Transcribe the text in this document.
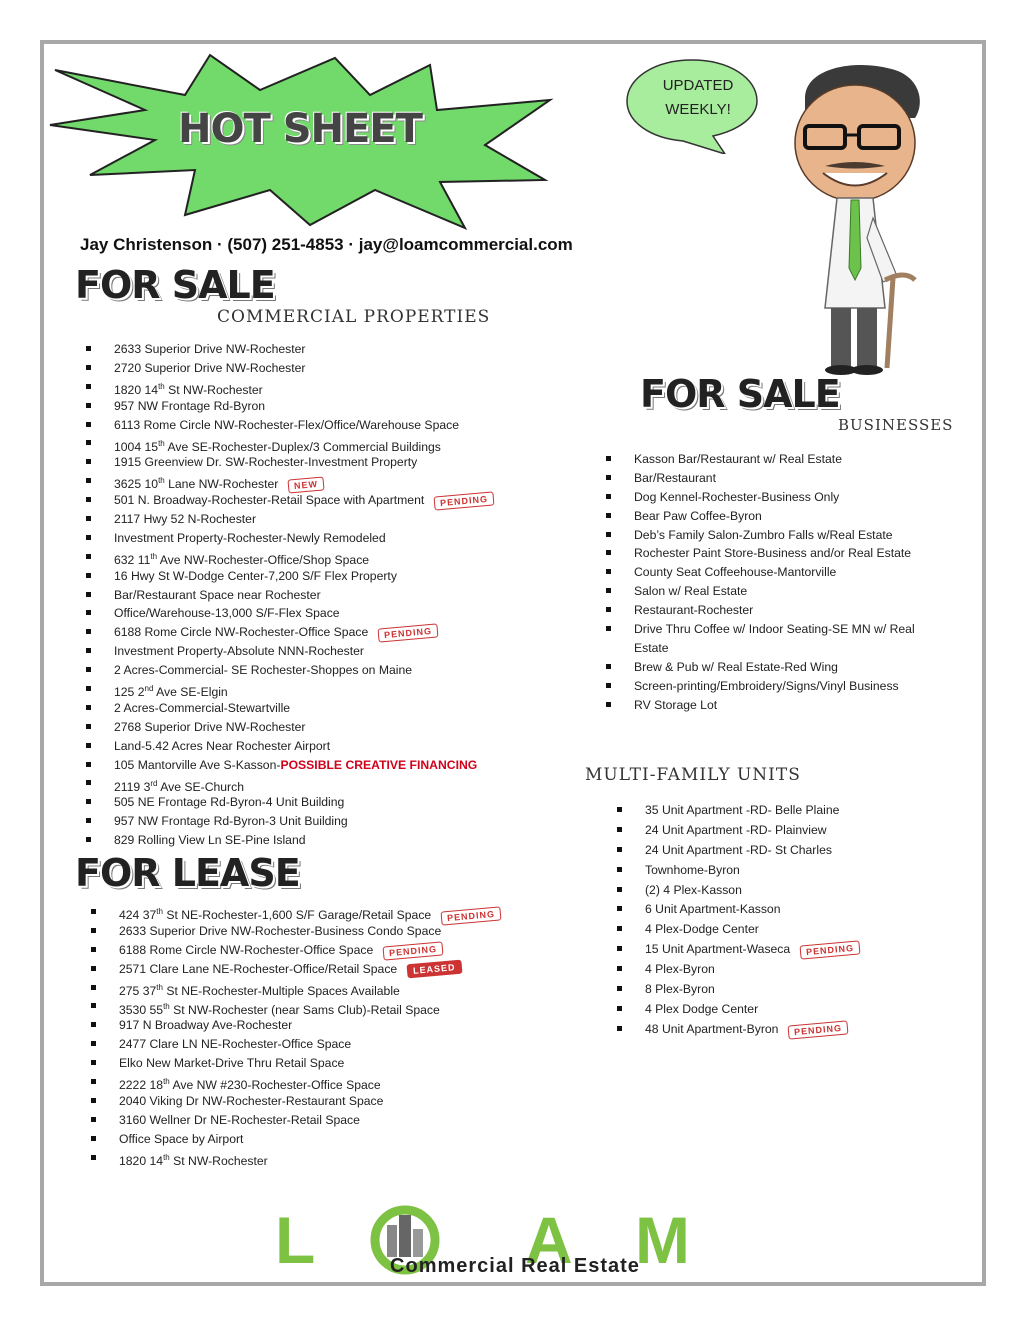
HOT SHEET
UPDATED
WEEKLY!
Jay Christenson · (507) 251-4853 · jay@loamcommercial.com
FOR SALE
COMMERCIAL PROPERTIES
2633 Superior Drive NW-Rochester
2720 Superior Drive NW-Rochester
1820 14th St NW-Rochester
957 NW Frontage Rd-Byron
6113 Rome Circle NW-Rochester-Flex/Office/Warehouse Space
1004 15th Ave SE-Rochester-Duplex/3 Commercial Buildings
1915 Greenview Dr. SW-Rochester-Investment Property
3625 10th Lane NW-Rochester NEW
501 N. Broadway-Rochester-Retail Space with Apartment PENDING
2117 Hwy 52 N-Rochester
Investment Property-Rochester-Newly Remodeled
632 11th Ave NW-Rochester-Office/Shop Space
16 Hwy St W-Dodge Center-7,200 S/F Flex Property
Bar/Restaurant Space near Rochester
Office/Warehouse-13,000 S/F-Flex Space
6188 Rome Circle NW-Rochester-Office Space PENDING
Investment Property-Absolute NNN-Rochester
2 Acres-Commercial- SE Rochester-Shoppes on Maine
125 2nd Ave SE-Elgin
2 Acres-Commercial-Stewartville
2768 Superior Drive NW-Rochester
Land-5.42 Acres Near Rochester Airport
105 Mantorville Ave S-Kasson-POSSIBLE CREATIVE FINANCING
2119 3rd Ave SE-Church
505 NE Frontage Rd-Byron-4 Unit Building
957 NW Frontage Rd-Byron-3 Unit Building
829 Rolling View Ln SE-Pine Island
FOR LEASE
424 37th St NE-Rochester-1,600 S/F Garage/Retail Space PENDING
2633 Superior Drive NW-Rochester-Business Condo Space
6188 Rome Circle NW-Rochester-Office Space PENDING
2571 Clare Lane NE-Rochester-Office/Retail Space LEASED
275 37th St NE-Rochester-Multiple Spaces Available
3530 55th St NW-Rochester (near Sams Club)-Retail Space
917 N Broadway Ave-Rochester
2477 Clare LN NE-Rochester-Office Space
Elko New Market-Drive Thru Retail Space
2222 18th Ave NW #230-Rochester-Office Space
2040 Viking Dr NW-Rochester-Restaurant Space
3160 Wellner Dr NE-Rochester-Retail Space
Office Space by Airport
1820 14th St NW-Rochester
FOR SALE
BUSINESSES
Kasson Bar/Restaurant w/ Real Estate
Bar/Restaurant
Dog Kennel-Rochester-Business Only
Bear Paw Coffee-Byron
Deb’s Family Salon-Zumbro Falls w/Real Estate
Rochester Paint Store-Business and/or Real Estate
County Seat Coffeehouse-Mantorville
Salon w/ Real Estate
Restaurant-Rochester
Drive Thru Coffee w/ Indoor Seating-SE MN w/ Real
Estate
Brew & Pub w/ Real Estate-Red Wing
Screen-printing/Embroidery/Signs/Vinyl Business
RV Storage Lot
MULTI-FAMILY UNITS
35 Unit Apartment -RD- Belle Plaine
24 Unit Apartment -RD- Plainview
24 Unit Apartment -RD- St Charles
Townhome-Byron
(2) 4 Plex-Kasson
6 Unit Apartment-Kasson
4 Plex-Dodge Center
15 Unit Apartment-Waseca PENDING
4 Plex-Byron
8 Plex-Byron
4 Plex Dodge Center
48 Unit Apartment-Byron PENDING
L	A M
Commercial Real Estate
